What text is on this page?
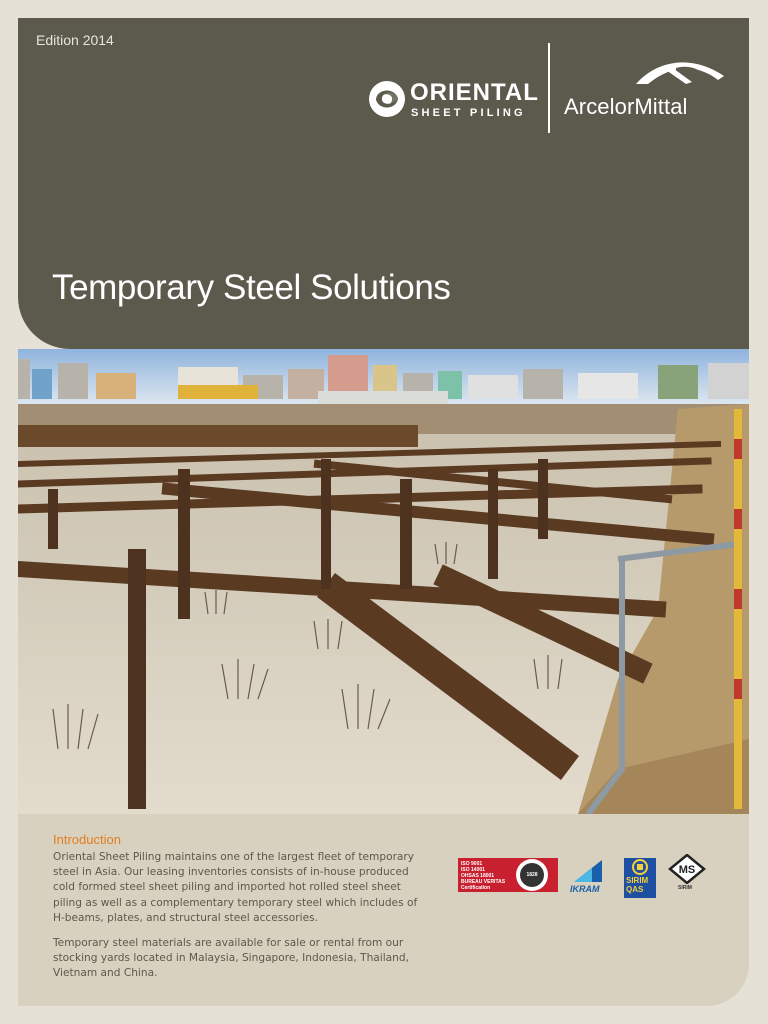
Edition 2014
ORIENTAL
SHEET PILING ArcelorMittal
Temporary Steel Solutions
Introduction
Oriental Sheet Piling maintains one of the largest fleet of temporary
steel in Asia. Our leasing inventories consists of in-house produced
cold formed steel sheet piling and imported hot rolled steel sheet
piling as well as a complementary temporary steel which includes of
H-beams, plates, and structural steel accessories.
Temporary steel materials are available for sale or rental from our
stocking yards located in Malaysia, Singapore, Indonesia, Thailand,
Vietnam and China.
ISO 9001
ISO 14001
OHSAS 18001
BUREAU VERITAS
Certification
1828
IKRAM
SIRIM
QAS
MS
SIRIM
